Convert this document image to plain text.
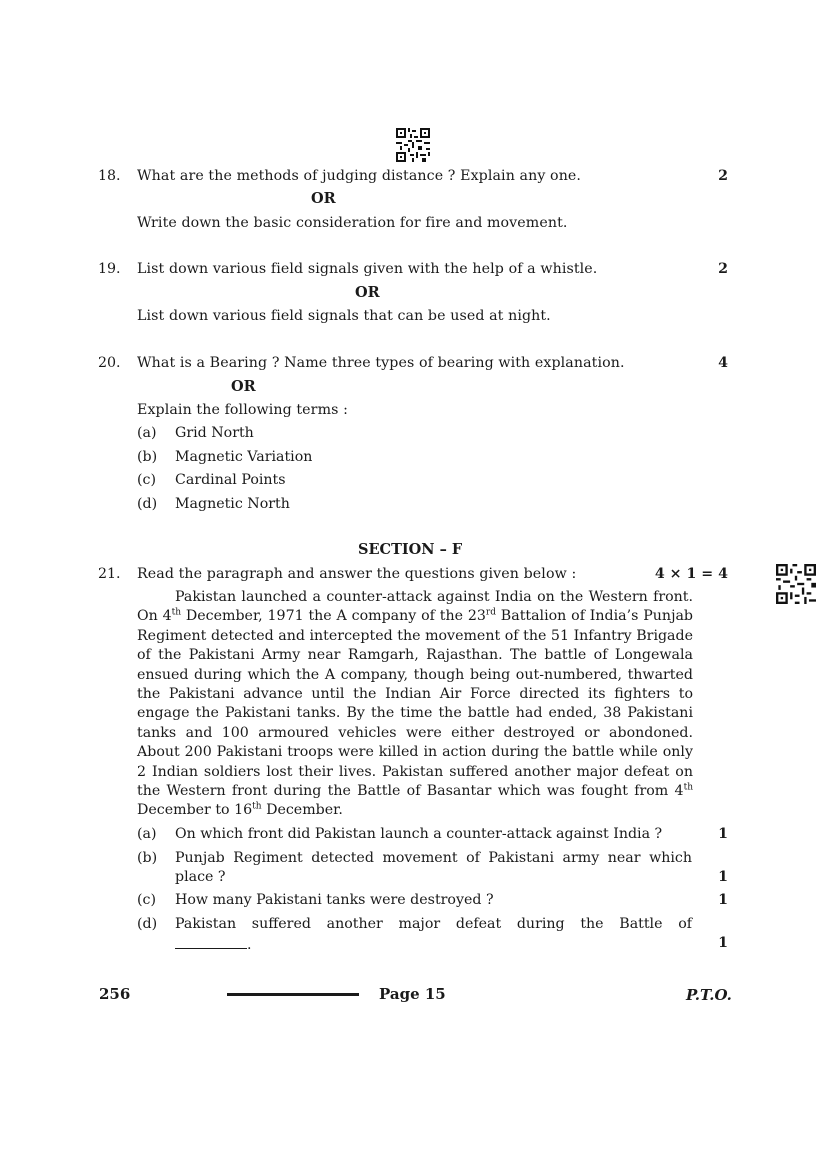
18. What are the methods of judging distance ? Explain any one.	2
OR
Write down the basic consideration for fire and movement.
19. List down various field signals given with the help of a whistle.	2
OR
List down various field signals that can be used at night.
20. What is a Bearing ? Name three types of bearing with explanation.	4
OR
Explain the following terms :
(a) Grid North
(b) Magnetic Variation
(c) Cardinal Points
(d) Magnetic North
SECTION – F
21. Read the paragraph and answer the questions given below :	4 × 1 = 4
Pakistan launched a counter-attack against India on the Western front. On 4th December, 1971 the A company of the 23rd Battalion of India’s Punjab Regiment detected and intercepted the movement of the 51 Infantry Brigade of the Pakistani Army near Ramgarh, Rajasthan. The battle of Longewala ensued during which the A company, though being out-numbered, thwarted the Pakistani advance until the Indian Air Force directed its fighters to engage the Pakistani tanks. By the time the battle had ended, 38 Pakistani tanks and 100 armoured vehicles were either destroyed or abondoned. About 200 Pakistani troops were killed in action during the battle while only 2 Indian soldiers lost their lives. Pakistan suffered another major defeat on the Western front during the Battle of Basantar which was fought from 4th December to 16th December.
(a) On which front did Pakistan launch a counter-attack against India ?	1
(b) Punjab Regiment detected movement of Pakistani army near which
place ?	1
(c) How many Pakistani tanks were destroyed ?	1
(d) Pakistan suffered another major defeat during the Battle of
.	1
256	Page 15	P.T.O.
